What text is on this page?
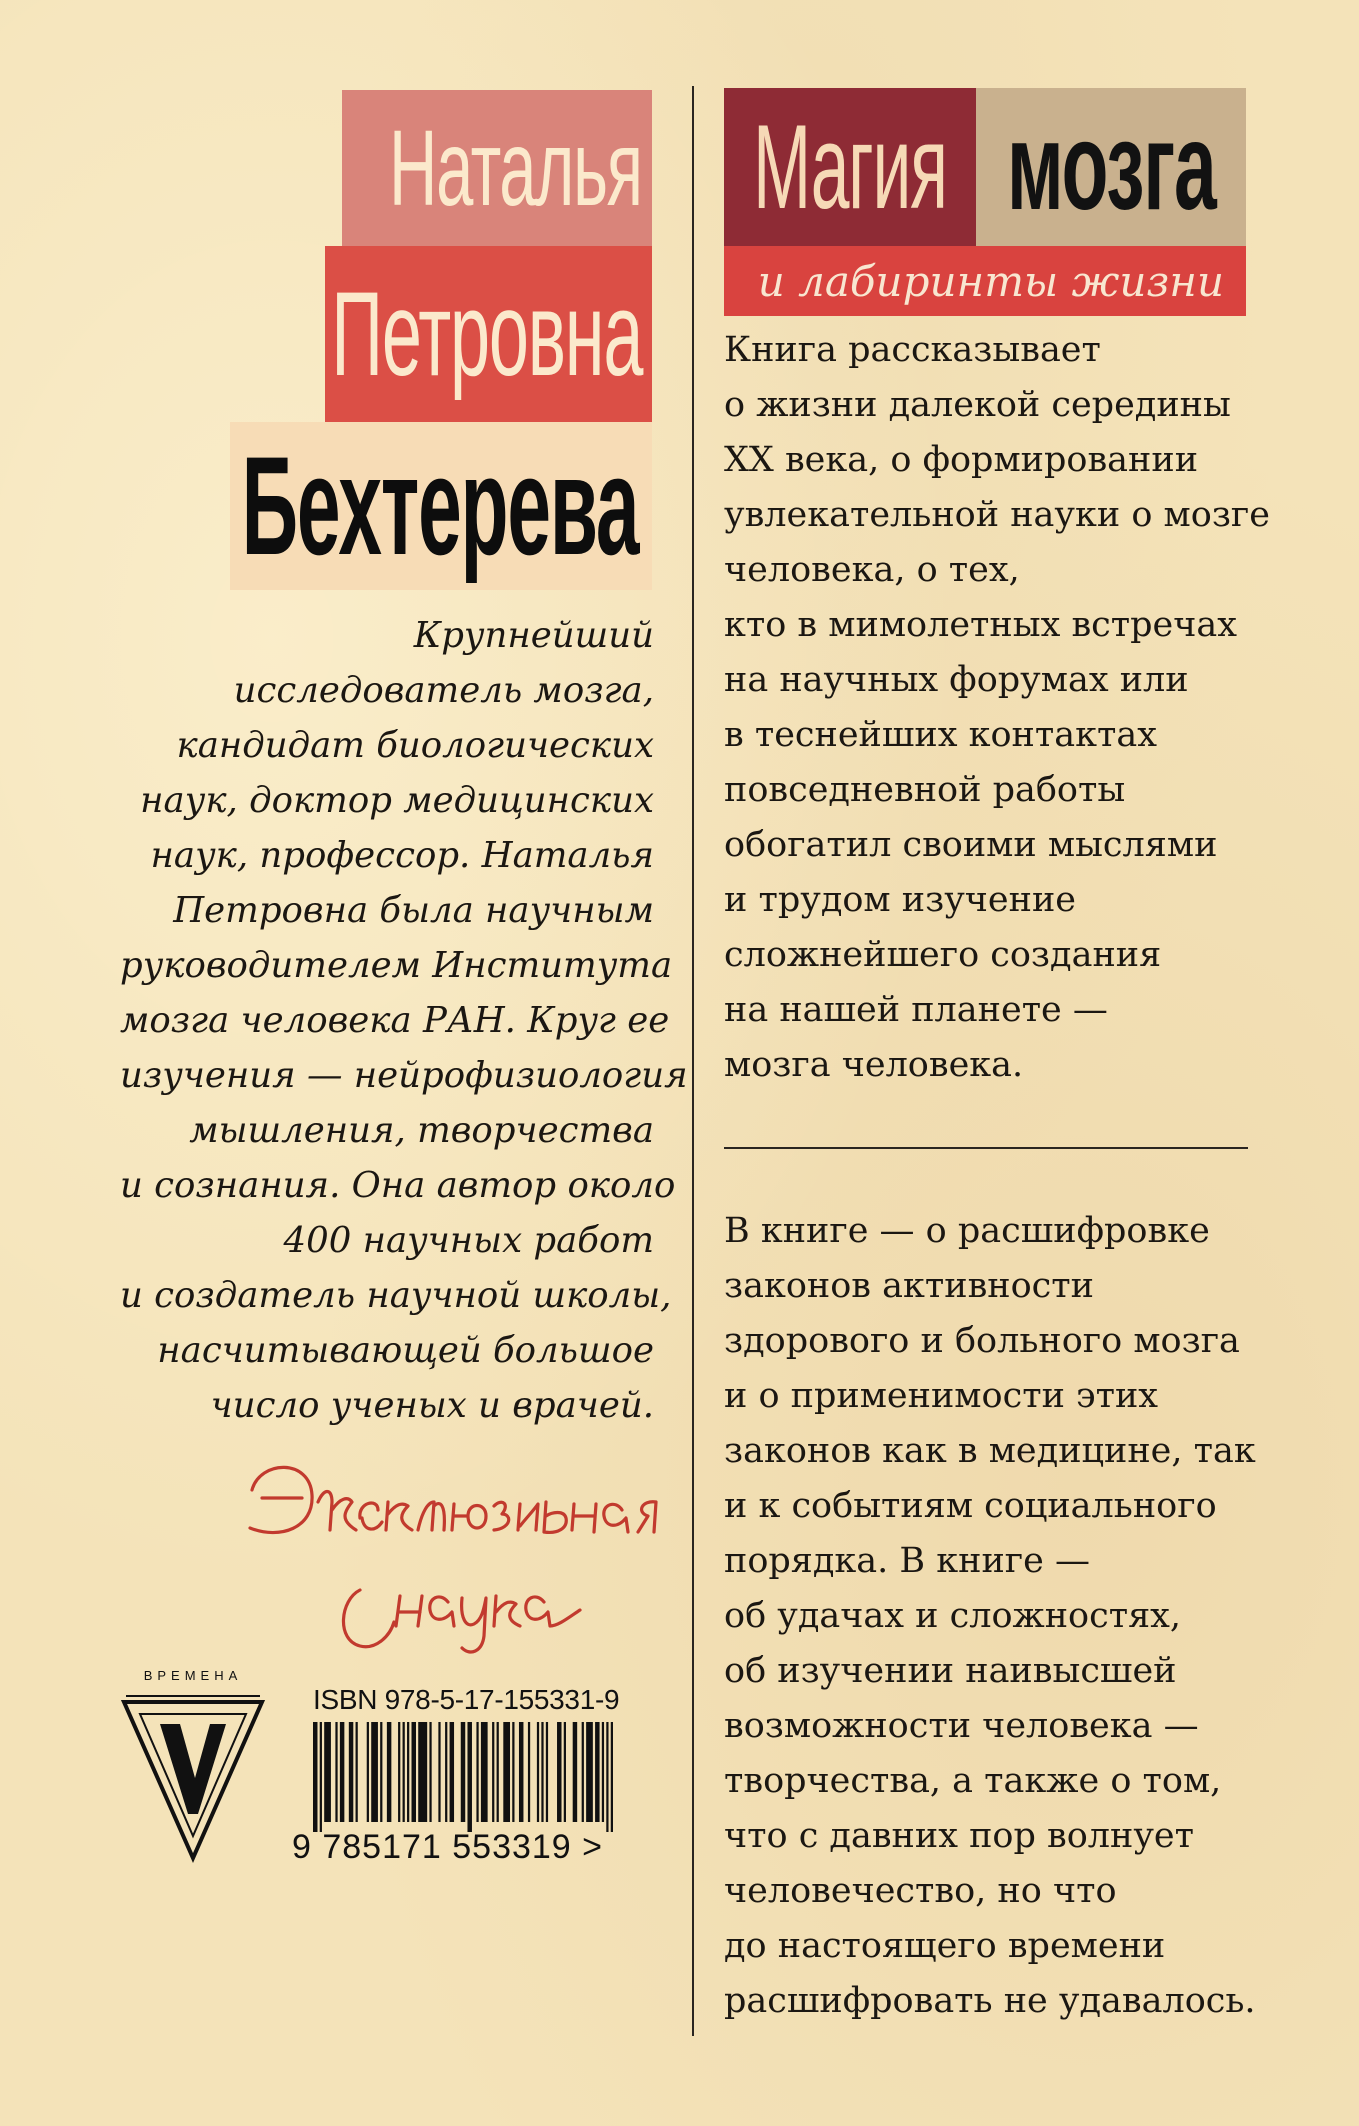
Наталья
Петровна
Бехтерева
Магия мозга
и лабиринты жизни
Крупнейший
исследователь мозга,
кандидат биологических
наук, доктор медицинских
наук, профессор. Наталья
Петровна была научным
руководителем Института
мозга человека РАН. Круг ее
изучения — нейрофизиология
мышления, творчества
и сознания. Она автор около
400 научных работ
и создатель научной школы,
насчитывающей большое
число ученых и врачей.
Книга рассказывает
о жизни далекой середины
XX века, о формировании
увлекательной науки о мозге
человека, о тех,
кто в мимолетных встречах
на научных форумах или
в теснейших контактах
повседневной работы
обогатил своими мыслями
и трудом изучение
сложнейшего создания
на нашей планете —
мозга человека.
В книге — о расшифровке
законов активности
здорового и больного мозга
и о применимости этих
законов как в медицине, так
и к событиям социального
порядка. В книге —
об удачах и сложностях,
об изучении наивысшей
возможности человека —
творчества, а также о том,
что с давних пор волнует
человечество, но что
до настоящего времени
расшифровать не удавалось.
ВРЕМЕНА
ISBN 978-5-17-155331-9
9 785171 553319 >
